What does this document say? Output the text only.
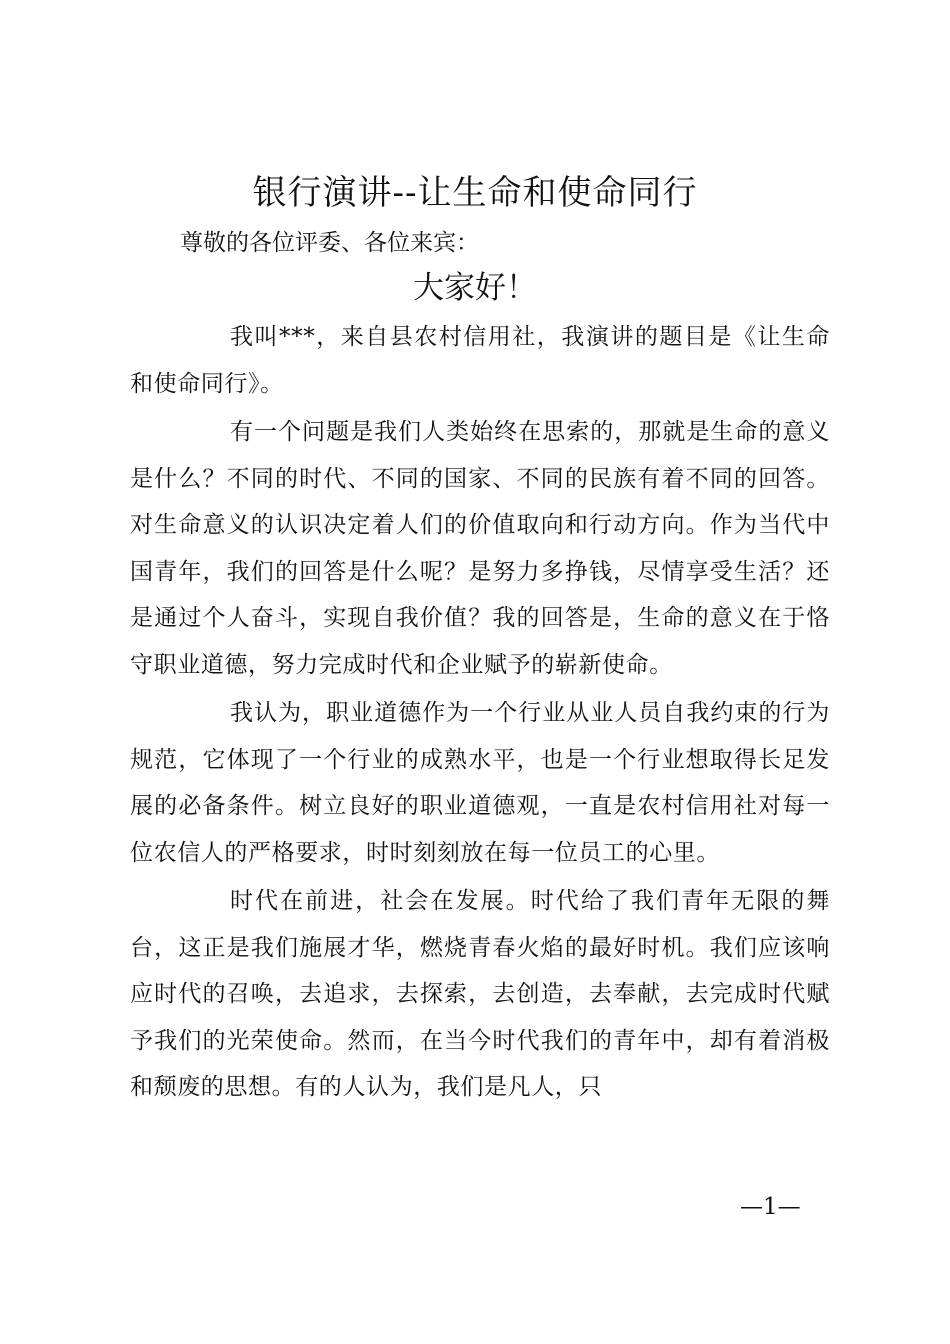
银行演讲--让生命和使命同行

尊敬的各位评委、各位来宾：

大家好！

我叫***，来自县农村信用社，我演讲的题目是《让生命和使命同行》。

有一个问题是我们人类始终在思索的，那就是生命的意义是什么？不同的时代、不同的国家、不同的民族有着不同的回答。对生命意义的认识决定着人们的价值取向和行动方向。作为当代中国青年，我们的回答是什么呢？是努力多挣钱，尽情享受生活？还是通过个人奋斗，实现自我价值？我的回答是，生命的意义在于恪守职业道德，努力完成时代和企业赋予的崭新使命。

我认为，职业道德作为一个行业从业人员自我约束的行为规范，它体现了一个行业的成熟水平，也是一个行业想取得长足发展的必备条件。树立良好的职业道德观，一直是农村信用社对每一位农信人的严格要求，时时刻刻放在每一位员工的心里。

时代在前进，社会在发展。时代给了我们青年无限的舞台，这正是我们施展才华，燃烧青春火焰的最好时机。我们应该响应时代的召唤，去追求，去探索，去创造，去奉献，去完成时代赋予我们的光荣使命。然而，在当今时代我们的青年中，却有着消极和颓废的思想。有的人认为，我们是凡人，只

—1—
